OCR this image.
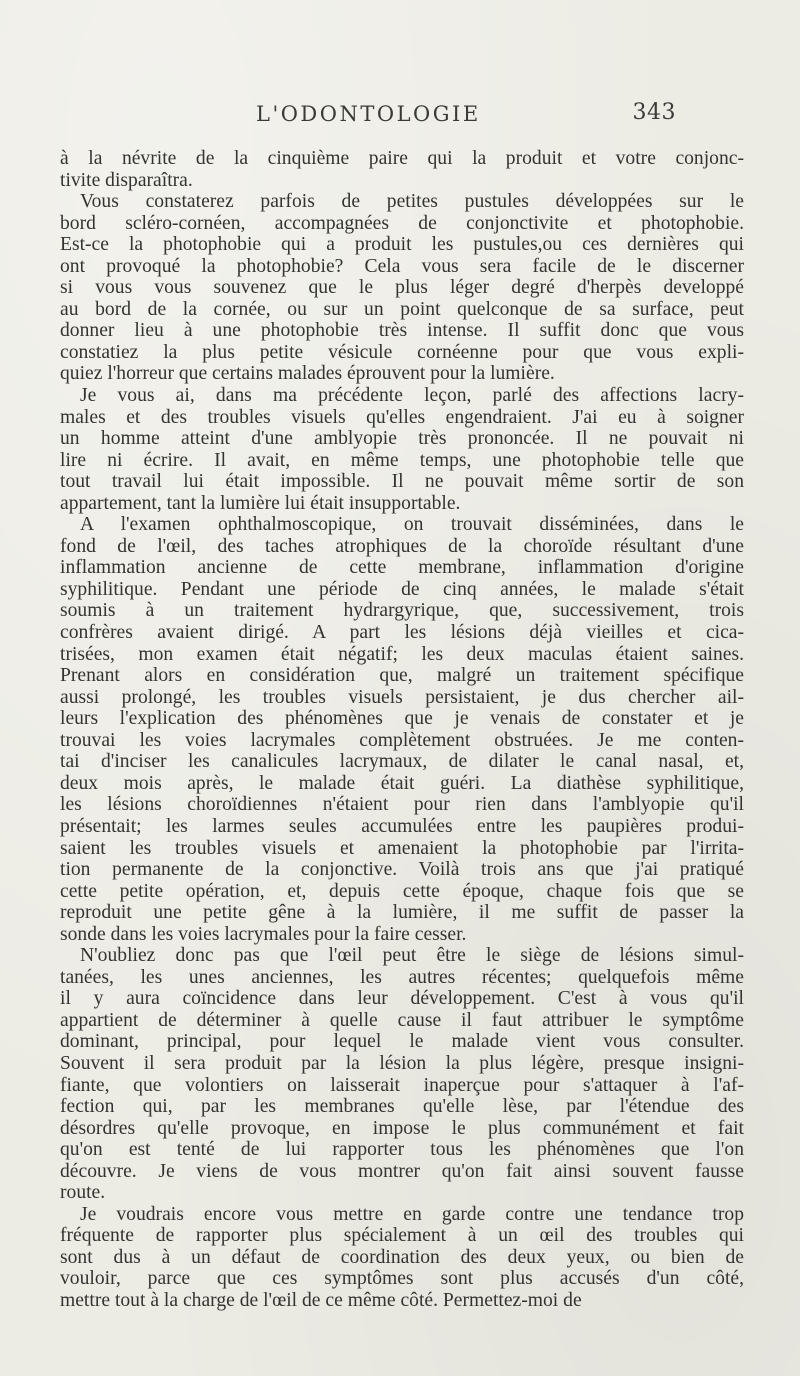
L'ODONTOLOGIE	343
à la névrite de la cinquième paire qui la produit et votre conjonc-
tivite disparaîtra.
Vous constaterez parfois de petites pustules développées sur le
bord scléro-cornéen, accompagnées de conjonctivite et photophobie.
Est-ce la photophobie qui a produit les pustules,ou ces dernières qui
ont provoqué la photophobie? Cela vous sera facile de le discerner
si vous vous souvenez que le plus léger degré d'herpès developpé
au bord de la cornée, ou sur un point quelconque de sa surface, peut
donner lieu à une photophobie très intense. Il suffit donc que vous
constatiez la plus petite vésicule cornéenne pour que vous expli-
quiez l'horreur que certains malades éprouvent pour la lumière.
Je vous ai, dans ma précédente leçon, parlé des affections lacry-
males et des troubles visuels qu'elles engendraient. J'ai eu à soigner
un homme atteint d'une amblyopie très prononcée. Il ne pouvait ni
lire ni écrire. Il avait, en même temps, une photophobie telle que
tout travail lui était impossible. Il ne pouvait même sortir de son
appartement, tant la lumière lui était insupportable.
A l'examen ophthalmoscopique, on trouvait disséminées, dans le
fond de l'œil, des taches atrophiques de la choroïde résultant d'une
inflammation ancienne de cette membrane, inflammation d'origine
syphilitique. Pendant une période de cinq années, le malade s'était
soumis à un traitement hydrargyrique, que, successivement, trois
confrères avaient dirigé. A part les lésions déjà vieilles et cica-
trisées, mon examen était négatif; les deux maculas étaient saines.
Prenant alors en considération que, malgré un traitement spécifique
aussi prolongé, les troubles visuels persistaient, je dus chercher ail-
leurs l'explication des phénomènes que je venais de constater et je
trouvai les voies lacrymales complètement obstruées. Je me conten-
tai d'inciser les canalicules lacrymaux, de dilater le canal nasal, et,
deux mois après, le malade était guéri. La diathèse syphilitique,
les lésions choroïdiennes n'étaient pour rien dans l'amblyopie qu'il
présentait; les larmes seules accumulées entre les paupières produi-
saient les troubles visuels et amenaient la photophobie par l'irrita-
tion permanente de la conjonctive. Voilà trois ans que j'ai pratiqué
cette petite opération, et, depuis cette époque, chaque fois que se
reproduit une petite gêne à la lumière, il me suffit de passer la
sonde dans les voies lacrymales pour la faire cesser.
N'oubliez donc pas que l'œil peut être le siège de lésions simul-
tanées, les unes anciennes, les autres récentes; quelquefois même
il y aura coïncidence dans leur développement. C'est à vous qu'il
appartient de déterminer à quelle cause il faut attribuer le symptôme
dominant, principal, pour lequel le malade vient vous consulter.
Souvent il sera produit par la lésion la plus légère, presque insigni-
fiante, que volontiers on laisserait inaperçue pour s'attaquer à l'af-
fection qui, par les membranes qu'elle lèse, par l'étendue des
désordres qu'elle provoque, en impose le plus communément et fait
qu'on est tenté de lui rapporter tous les phénomènes que l'on
découvre. Je viens de vous montrer qu'on fait ainsi souvent fausse
route.
Je voudrais encore vous mettre en garde contre une tendance trop
fréquente de rapporter plus spécialement à un œil des troubles qui
sont dus à un défaut de coordination des deux yeux, ou bien de
vouloir, parce que ces symptômes sont plus accusés d'un côté,
mettre tout à la charge de l'œil de ce même côté. Permettez-moi de
